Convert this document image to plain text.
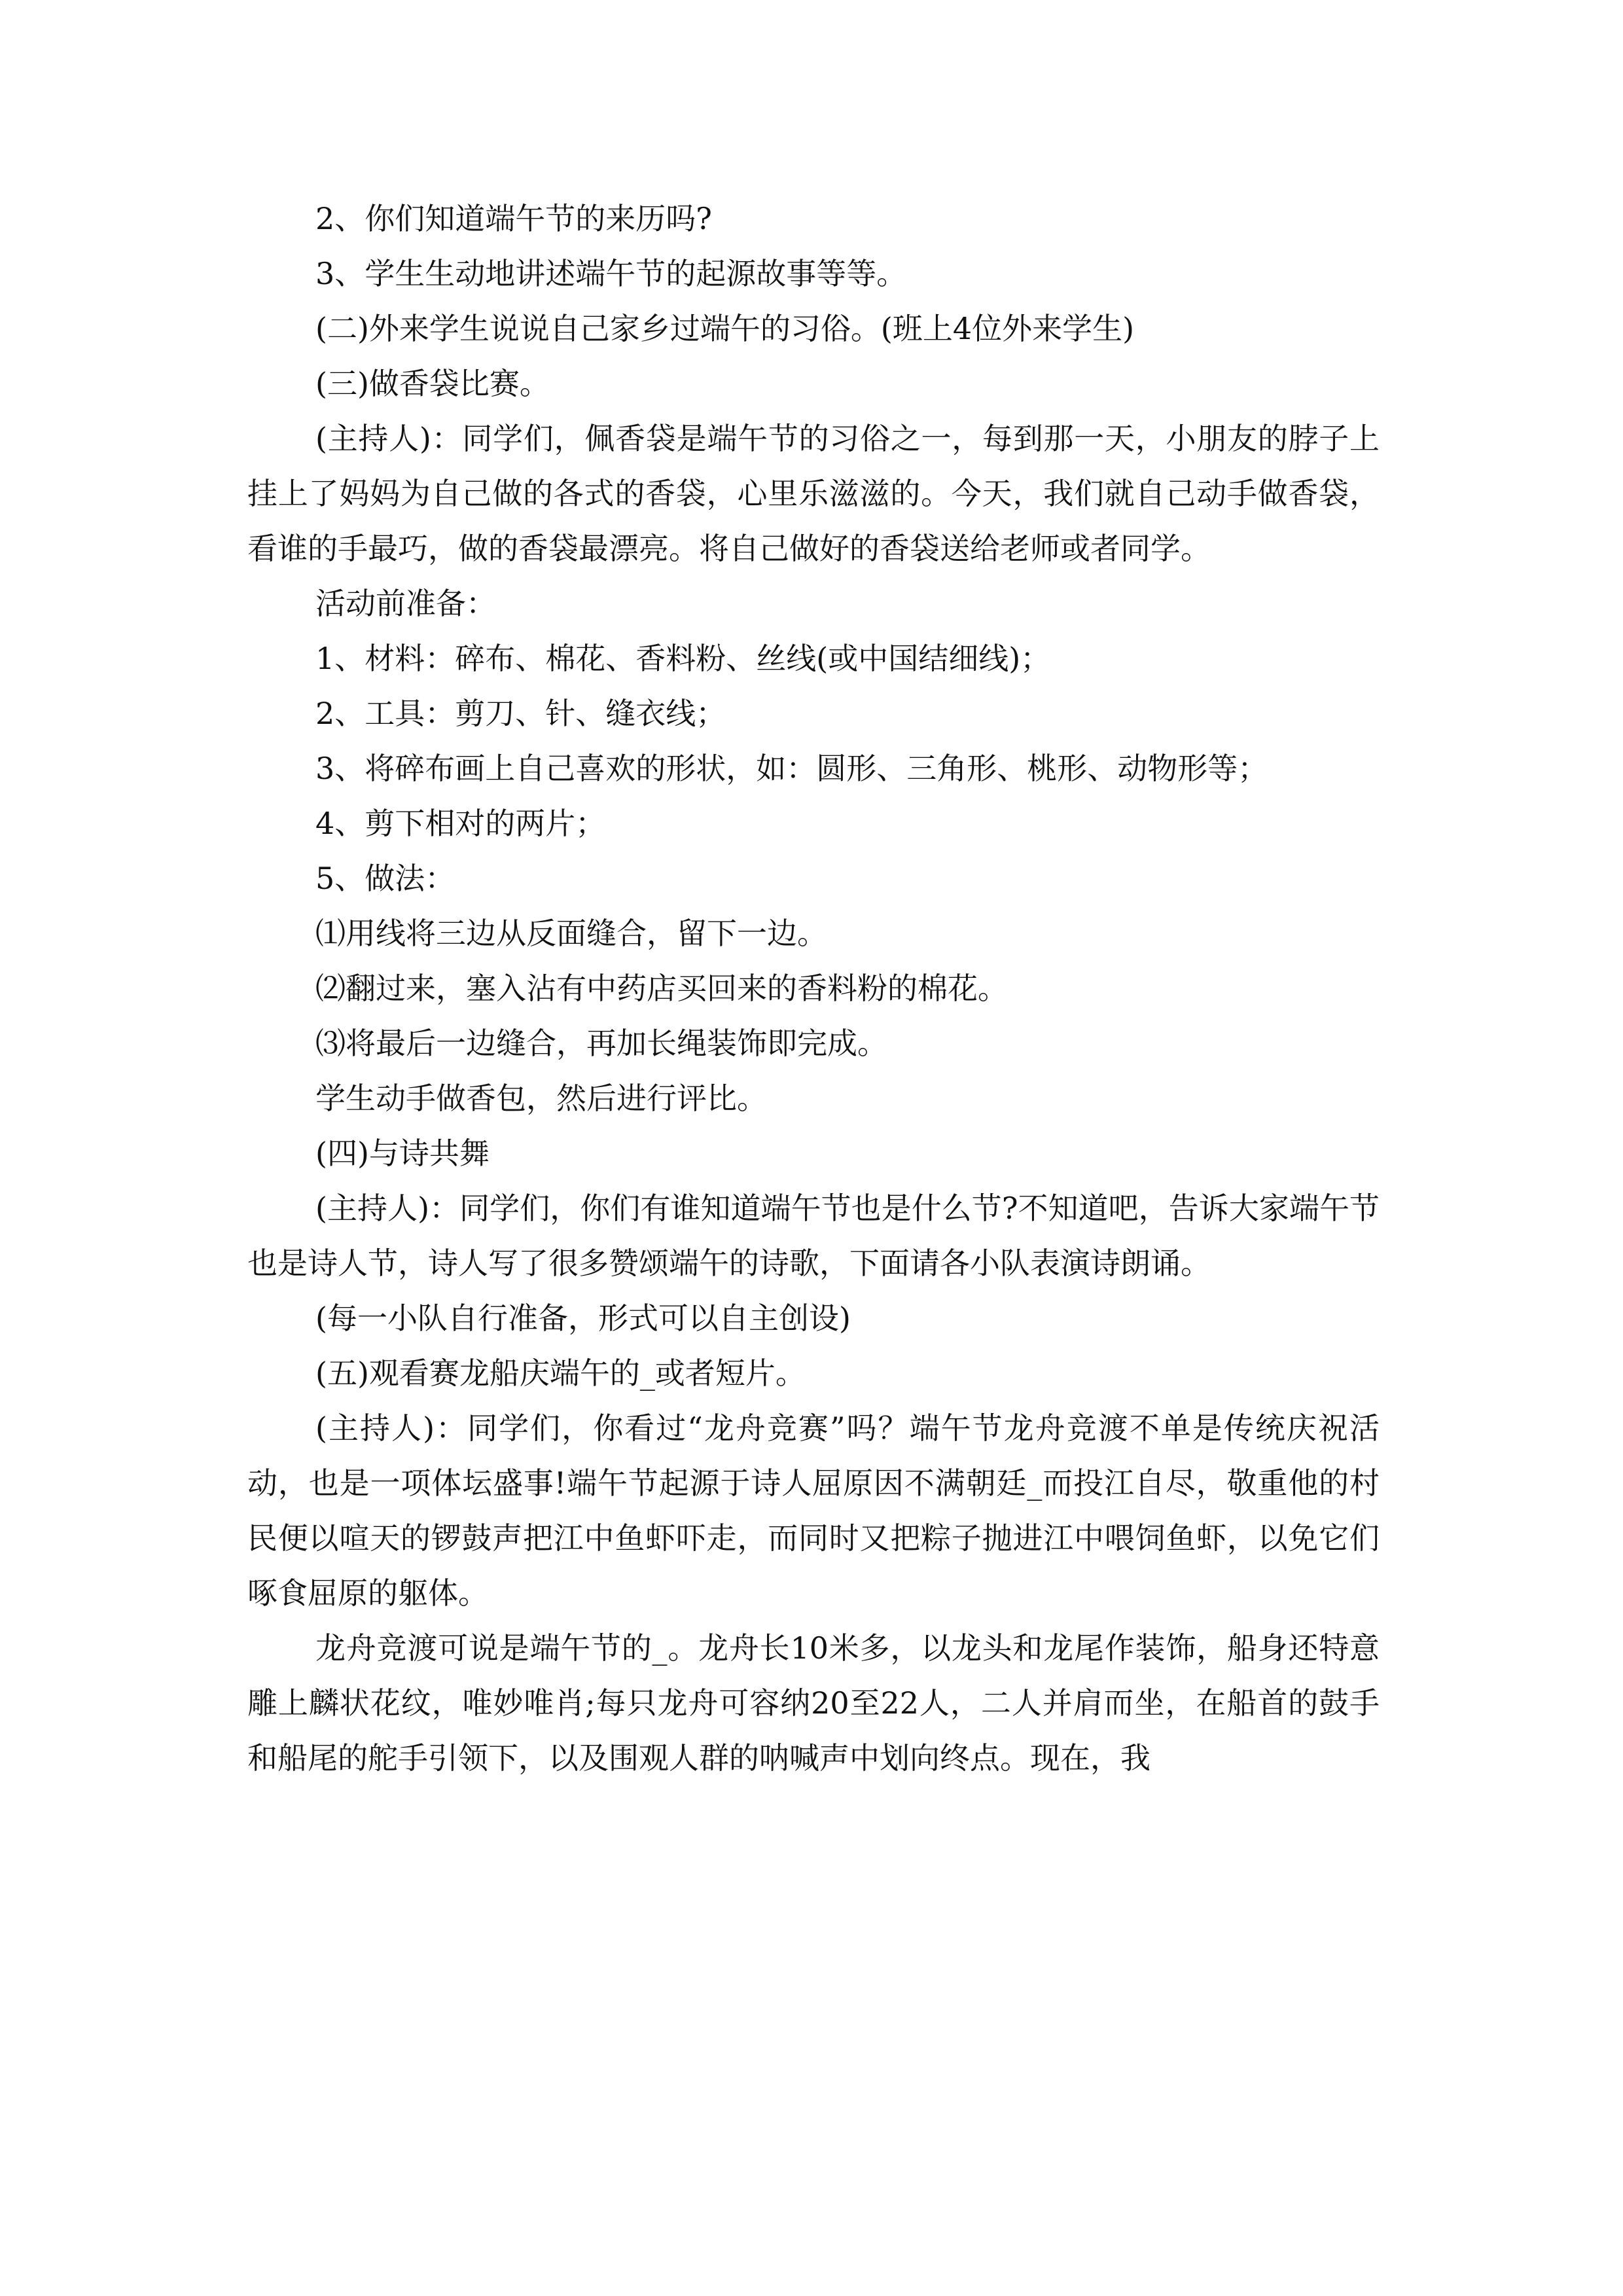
2、你们知道端午节的来历吗?

3、学生生动地讲述端午节的起源故事等等。

(二)外来学生说说自己家乡过端午的习俗。(班上4位外来学生)

(三)做香袋比赛。

(主持人)：同学们，佩香袋是端午节的习俗之一，每到那一天，小朋友的脖子上挂上了妈妈为自己做的各式的香袋，心里乐滋滋的。今天，我们就自己动手做香袋，看谁的手最巧，做的香袋最漂亮。将自己做好的香袋送给老师或者同学。

活动前准备：

1、材料：碎布、棉花、香料粉、丝线(或中国结细线)；

2、工具：剪刀、针、缝衣线；

3、将碎布画上自己喜欢的形状，如：圆形、三角形、桃形、动物形等；

4、剪下相对的两片；

5、做法：

⑴用线将三边从反面缝合，留下一边。

⑵翻过来，塞入沾有中药店买回来的香料粉的棉花。

⑶将最后一边缝合，再加长绳装饰即完成。

学生动手做香包，然后进行评比。

(四)与诗共舞

(主持人)：同学们，你们有谁知道端午节也是什么节?不知道吧，告诉大家端午节也是诗人节，诗人写了很多赞颂端午的诗歌，下面请各小队表演诗朗诵。

(每一小队自行准备，形式可以自主创设)

(五)观看赛龙船庆端午的_或者短片。

(主持人)：同学们，你看过“龙舟竞赛”吗？端午节龙舟竞渡不单是传统庆祝活动，也是一项体坛盛事!端午节起源于诗人屈原因不满朝廷_而投江自尽，敬重他的村民便以喧天的锣鼓声把江中鱼虾吓走，而同时又把粽子抛进江中喂饲鱼虾，以免它们啄食屈原的躯体。

龙舟竞渡可说是端午节的_。龙舟长10米多，以龙头和龙尾作装饰，船身还特意雕上麟状花纹，唯妙唯肖;每只龙舟可容纳20至22人，二人并肩而坐，在船首的鼓手和船尾的舵手引领下，以及围观人群的呐喊声中划向终点。现在，我
